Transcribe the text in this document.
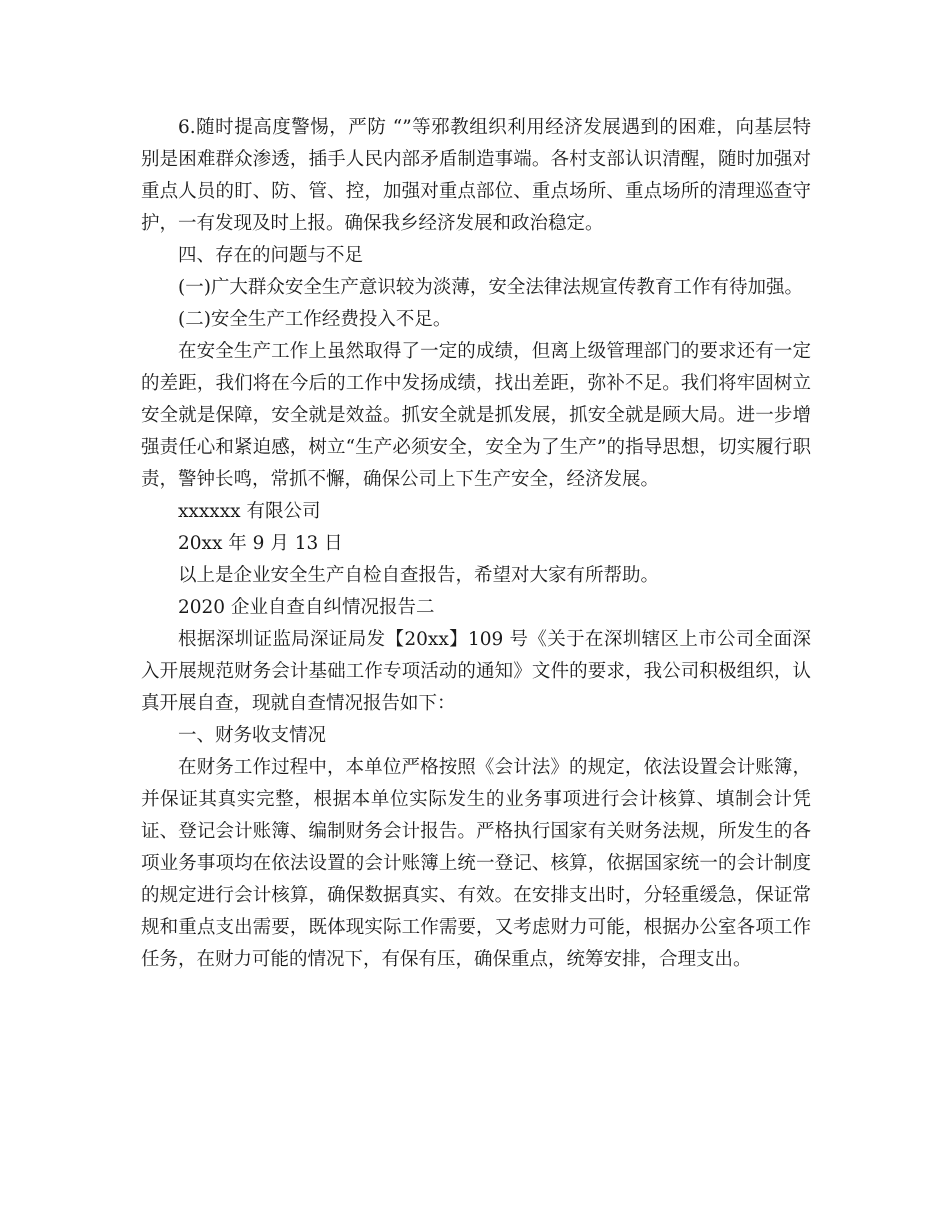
6.随时提高度警惕，严防 “”等邪教组织利用经济发展遇到的困难，向基层特别是困难群众渗透，插手人民内部矛盾制造事端。各村支部认识清醒，随时加强对重点人员的盯、防、管、控，加强对重点部位、重点场所、重点场所的清理巡查守护，一有发现及时上报。确保我乡经济发展和政治稳定。

四、存在的问题与不足

(一)广大群众安全生产意识较为淡薄，安全法律法规宣传教育工作有待加强。

(二)安全生产工作经费投入不足。

在安全生产工作上虽然取得了一定的成绩，但离上级管理部门的要求还有一定的差距，我们将在今后的工作中发扬成绩，找出差距，弥补不足。我们将牢固树立安全就是保障，安全就是效益。抓安全就是抓发展，抓安全就是顾大局。进一步增强责任心和紧迫感，树立“生产必须安全，安全为了生产”的指导思想，切实履行职责，警钟长鸣，常抓不懈，确保公司上下生产安全，经济发展。

xxxxxx 有限公司

20xx 年 9 月 13 日

以上是企业安全生产自检自查报告，希望对大家有所帮助。

2020 企业自查自纠情况报告二

根据深圳证监局深证局发【20xx】109 号《关于在深圳辖区上市公司全面深入开展规范财务会计基础工作专项活动的通知》文件的要求，我公司积极组织，认真开展自查，现就自查情况报告如下：

一、财务收支情况

在财务工作过程中，本单位严格按照《会计法》的规定，依法设置会计账簿，并保证其真实完整，根据本单位实际发生的业务事项进行会计核算、填制会计凭证、登记会计账簿、编制财务会计报告。严格执行国家有关财务法规，所发生的各项业务事项均在依法设置的会计账簿上统一登记、核算，依据国家统一的会计制度的规定进行会计核算，确保数据真实、有效。在安排支出时，分轻重缓急，保证常规和重点支出需要，既体现实际工作需要，又考虑财力可能，根据办公室各项工作任务，在财力可能的情况下，有保有压，确保重点，统筹安排，合理支出。
